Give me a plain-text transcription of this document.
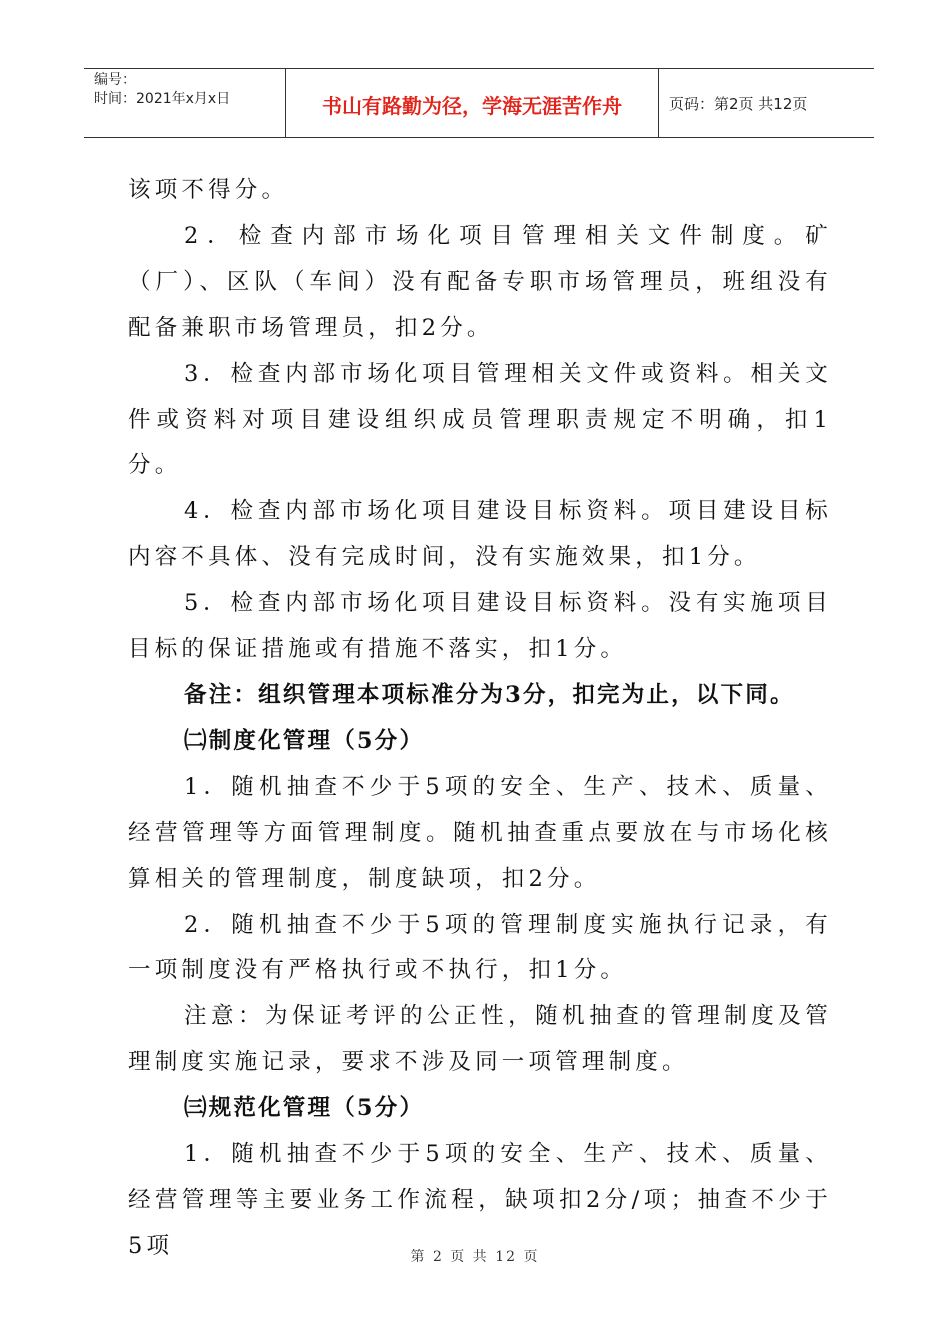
编号：
时间：2021年x月x日	书山有路勤为径，学海无涯苦作舟	页码：第2页 共12页

该项不得分。

2．检查内部市场化项目管理相关文件制度。矿（厂）、区队（车间）没有配备专职市场管理员，班组没有配备兼职市场管理员，扣2分。

3．检查内部市场化项目管理相关文件或资料。相关文件或资料对项目建设组织成员管理职责规定不明确，扣1分。

4．检查内部市场化项目建设目标资料。项目建设目标内容不具体、没有完成时间，没有实施效果，扣1分。

5．检查内部市场化项目建设目标资料。没有实施项目目标的保证措施或有措施不落实，扣1分。

备注：组织管理本项标准分为3分，扣完为止，以下同。

㈡制度化管理（5分）

1．随机抽查不少于5项的安全、生产、技术、质量、经营管理等方面管理制度。随机抽查重点要放在与市场化核算相关的管理制度，制度缺项，扣2分。

2．随机抽查不少于5项的管理制度实施执行记录，有一项制度没有严格执行或不执行，扣1分。

注意：为保证考评的公正性，随机抽查的管理制度及管理制度实施记录，要求不涉及同一项管理制度。

㈢规范化管理（5分）

1．随机抽查不少于5项的安全、生产、技术、质量、经营管理等主要业务工作流程，缺项扣2分/项；抽查不少于5项	第 2 页 共 12 页
